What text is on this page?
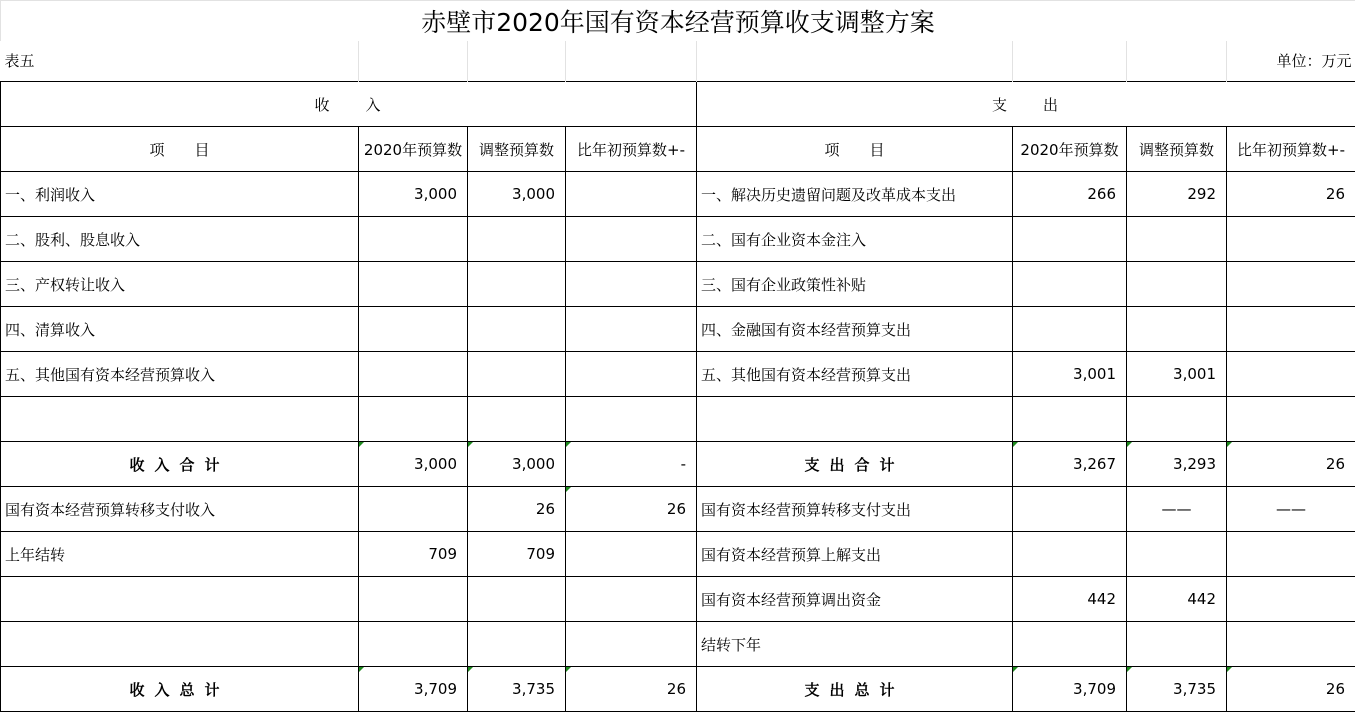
赤壁市2020年国有资本经营预算收支调整方案							
表五							单位：万元
收　　入				支　　出			
项　　目	2020年预算数	调整预算数	比年初预算数+-	项　　目	2020年预算数	调整预算数	比年初预算数+-
一、利润收入	3,000	3,000		一、解决历史遗留问题及改革成本支出	266	292	26
二、股利、股息收入				二、国有企业资本金注入			
三、产权转让收入				三、国有企业政策性补贴			
四、清算收入				四、金融国有资本经营预算支出			
五、其他国有资本经营预算收入				五、其他国有资本经营预算支出	3,001	3,001	

收入合计	3,000	3,000	-	支出合计	3,267	3,293	26
国有资本经营预算转移支付收入		26	26	国有资本经营预算转移支付支出		——	——
上年结转	709	709		国有资本经营预算上解支出			
				国有资本经营预算调出资金	442	442	
				结转下年			
收入总计	3,709	3,735	26	支出总计	3,709	3,735	26
